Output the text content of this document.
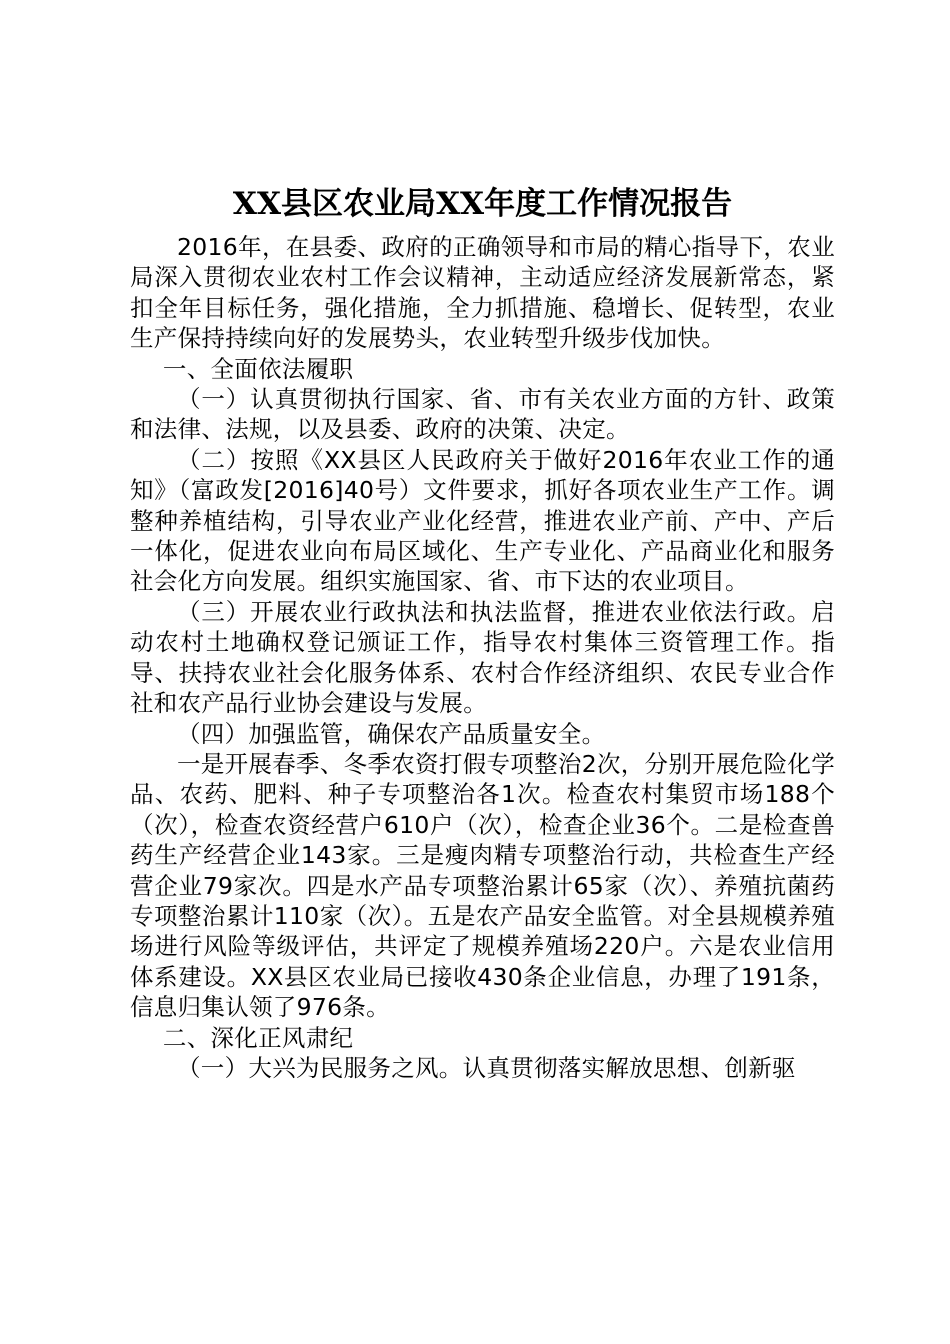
XX县区农业局XX年度工作情况报告

2016年，在县委、政府的正确领导和市局的精心指导下，农业局深入贯彻农业农村工作会议精神，主动适应经济发展新常态，紧扣全年目标任务，强化措施，全力抓措施、稳增长、促转型，农业生产保持持续向好的发展势头，农业转型升级步伐加快。

一、全面依法履职

（一）认真贯彻执行国家、省、市有关农业方面的方针、政策和法律、法规，以及县委、政府的决策、决定。

（二）按照《XX县区人民政府关于做好2016年农业工作的通知》（富政发[2016]40号）文件要求，抓好各项农业生产工作。调整种养植结构，引导农业产业化经营，推进农业产前、产中、产后一体化，促进农业向布局区域化、生产专业化、产品商业化和服务社会化方向发展。组织实施国家、省、市下达的农业项目。

（三）开展农业行政执法和执法监督，推进农业依法行政。启动农村土地确权登记颁证工作，指导农村集体三资管理工作。指导、扶持农业社会化服务体系、农村合作经济组织、农民专业合作社和农产品行业协会建设与发展。

（四）加强监管，确保农产品质量安全。

一是开展春季、冬季农资打假专项整治2次，分别开展危险化学品、农药、肥料、种子专项整治各1次。检查农村集贸市场188个（次），检查农资经营户610户（次），检查企业36个。二是检查兽药生产经营企业143家。三是瘦肉精专项整治行动，共检查生产经营企业79家次。四是水产品专项整治累计65家（次）、养殖抗菌药专项整治累计110家（次）。五是农产品安全监管。对全县规模养殖场进行风险等级评估，共评定了规模养殖场220户。六是农业信用体系建设。XX县区农业局已接收430条企业信息，办理了191条，信息归集认领了976条。

二、深化正风肃纪

（一）大兴为民服务之风。认真贯彻落实解放思想、创新驱
